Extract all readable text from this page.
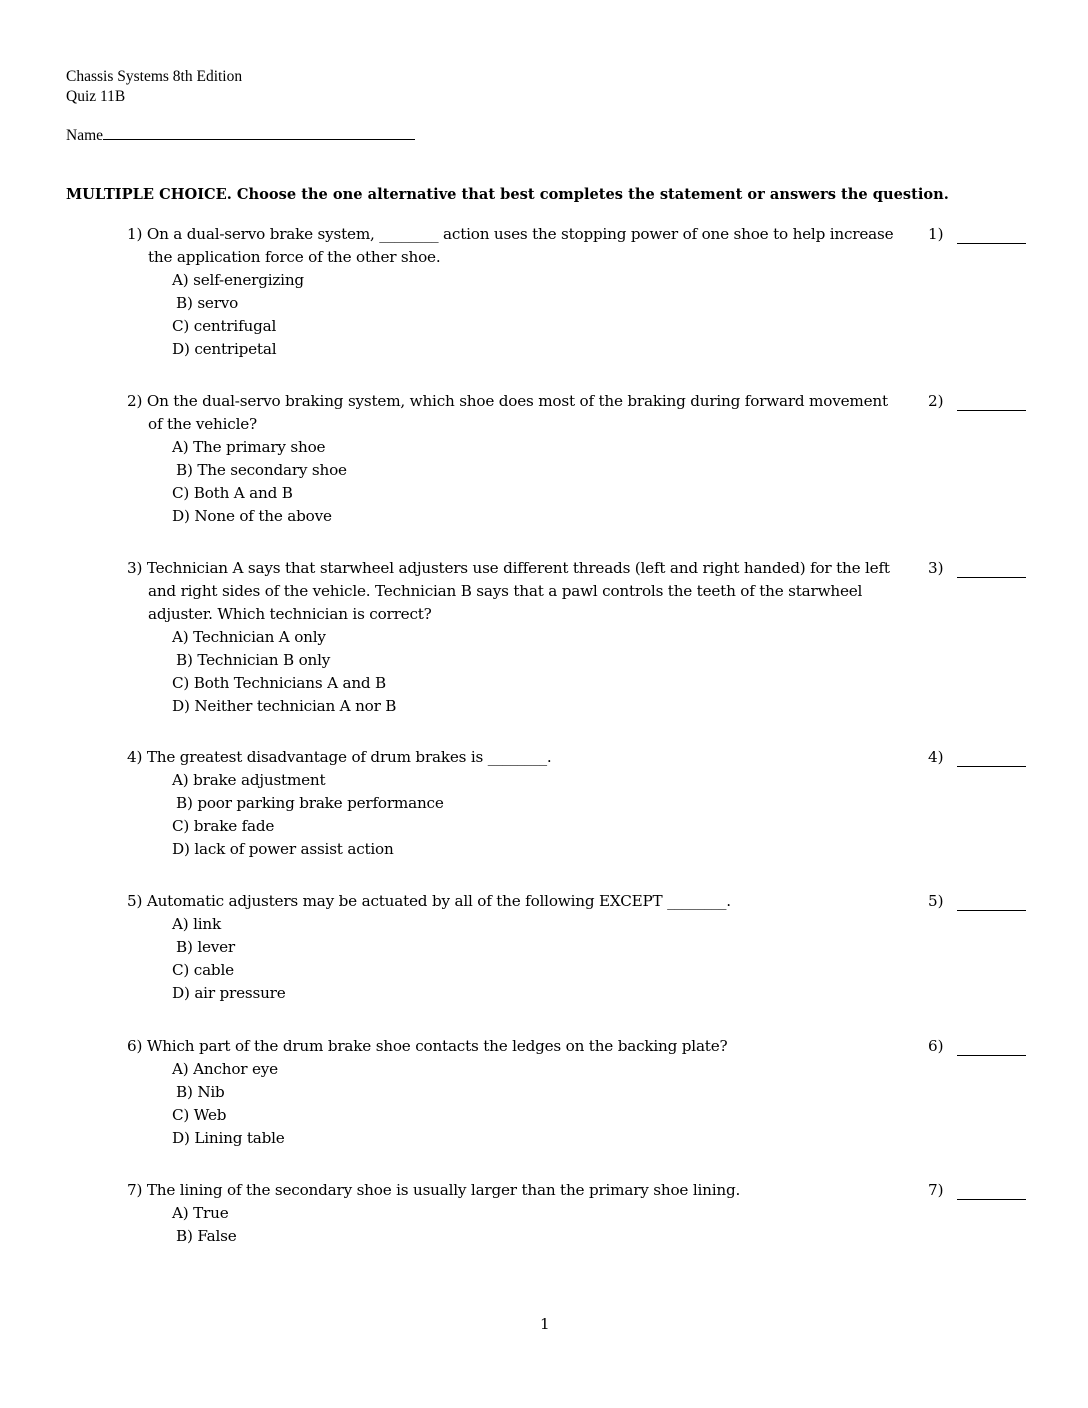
Chassis Systems 8th Edition
Quiz 11B
Name
MULTIPLE CHOICE. Choose the one alternative that best completes the statement or answers the question.
1) On a dual-servo brake system, ________ action uses the stopping power of one shoe to help increase the application force of the other shoe.
A) self-energizing
B) servo
C) centrifugal
D) centripetal
1)
2) On the dual-servo braking system, which shoe does most of the braking during forward movement of the vehicle?
A) The primary shoe
B) The secondary shoe
C) Both A and B
D) None of the above
2)
3) Technician A says that starwheel adjusters use different threads (left and right handed) for the left and right sides of the vehicle. Technician B says that a pawl controls the teeth of the starwheel adjuster. Which technician is correct?
A) Technician A only
B) Technician B only
C) Both Technicians A and B
D) Neither technician A nor B
3)
4) The greatest disadvantage of drum brakes is ________.
A) brake adjustment
B) poor parking brake performance
C) brake fade
D) lack of power assist action
4)
5) Automatic adjusters may be actuated by all of the following EXCEPT ________.
A) link
B) lever
C) cable
D) air pressure
5)
6) Which part of the drum brake shoe contacts the ledges on the backing plate?
A) Anchor eye
B) Nib
C) Web
D) Lining table
6)
7) The lining of the secondary shoe is usually larger than the primary shoe lining.
A) True
B) False
7)
1
